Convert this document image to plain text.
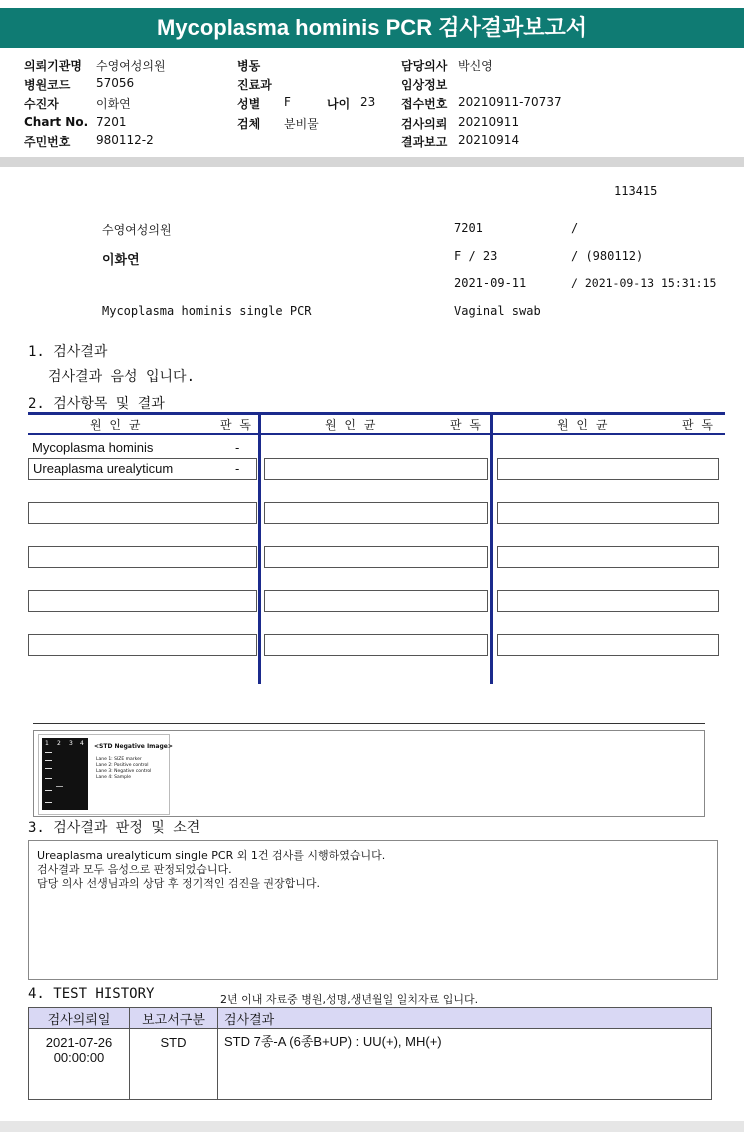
Mycoplasma hominis PCR 검사결과보고서
의뢰기관명 수영여성의원	병동	담당의사 박신영
병원코드 57056	진료과	임상정보
수진자	이화연	성별 F	나이 23 접수번호 20210911-70737
Chart No. 7201	검체 분비물	검사의뢰 20210911
주민번호 980112-2	결과보고 20210914
113415
수영여성의원	7201	/
이화연	F / 23	/ (980112)
2021-09-11	/ 2021-09-13 15:31:15
Mycoplasma hominis single PCR	Vaginal swab
1. 검사결과
검사결과 음성 입니다.
2. 검사항목 및 결과
원 인 균	판 독	원 인 균	판 독	원 인 균	판 독
Mycoplasma hominis	-
Ureaplasma urealyticum	-
1 2 3 4 <STD Negative Image>
Lane 1: SIZE marker
Lane 2: Positive control
Lane 3: Negative control
Lane 4: Sample
3. 검사결과 판정 및 소견
Ureaplasma urealyticum single PCR 외 1건 검사를 시행하였습니다.
검사결과 모두 음성으로 판정되었습니다.
담당 의사 선생님과의 상담 후 정기적인 검진을 권장합니다.
4. TEST HISTORY	2년 이내 자료중 병원,성명,생년월일 일치자료 입니다.
검사의뢰일	보고서구분	검사결과

2021-07-26
00:00:00	STD	STD 7종-A (6종B+UP) : UU(+), MH(+)
